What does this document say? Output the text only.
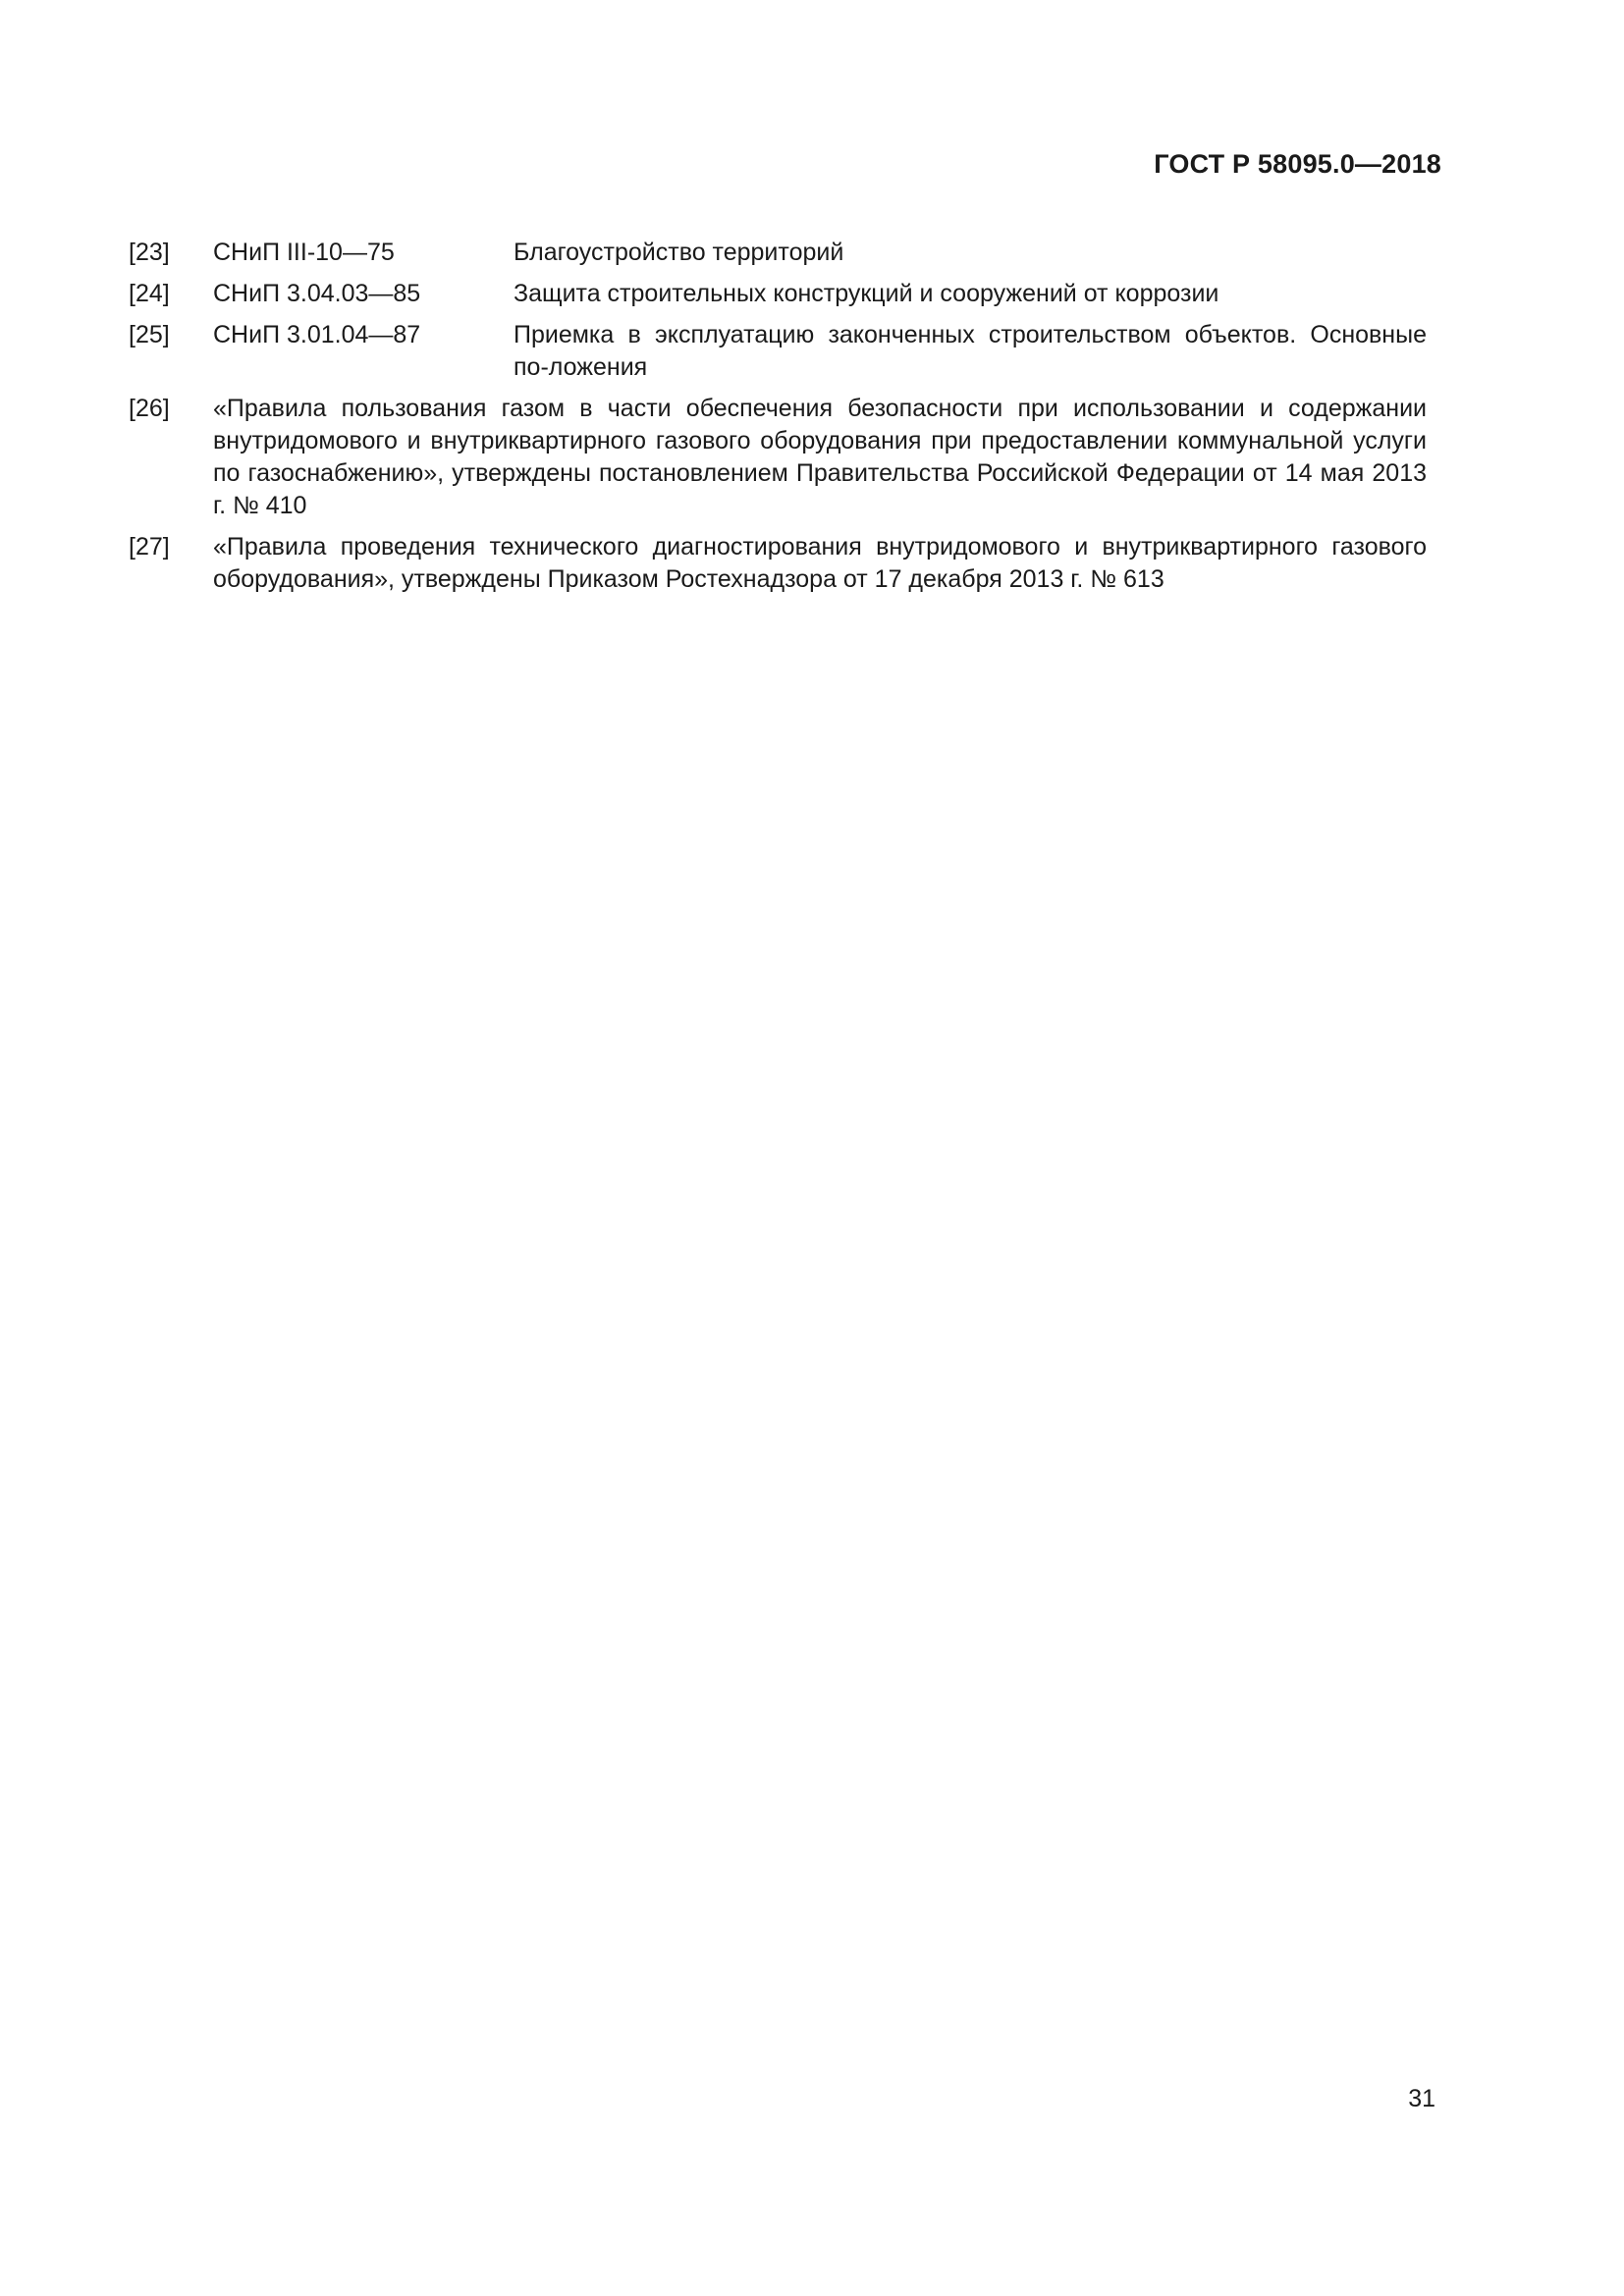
ГОСТ Р 58095.0—2018
[23]	СНиП III-10—75	Благоустройство территорий
[24]	СНиП 3.04.03—85	Защита строительных конструкций и сооружений от коррозии
[25]	СНиП 3.01.04—87	Приемка в эксплуатацию законченных строительством объектов. Основные по-ложения
[26]	«Правила пользования газом в части обеспечения безопасности при использовании и содержании внутридомового и внутриквартирного газового оборудования при предоставлении коммунальной услуги по газоснабжению», утверждены постановлением Правительства Российской Федерации от 14 мая 2013 г. № 410
[27]	«Правила проведения технического диагностирования внутридомового и внутриквартирного газового оборудования», утверждены Приказом Ростехнадзора от 17 декабря 2013 г. № 613
31
